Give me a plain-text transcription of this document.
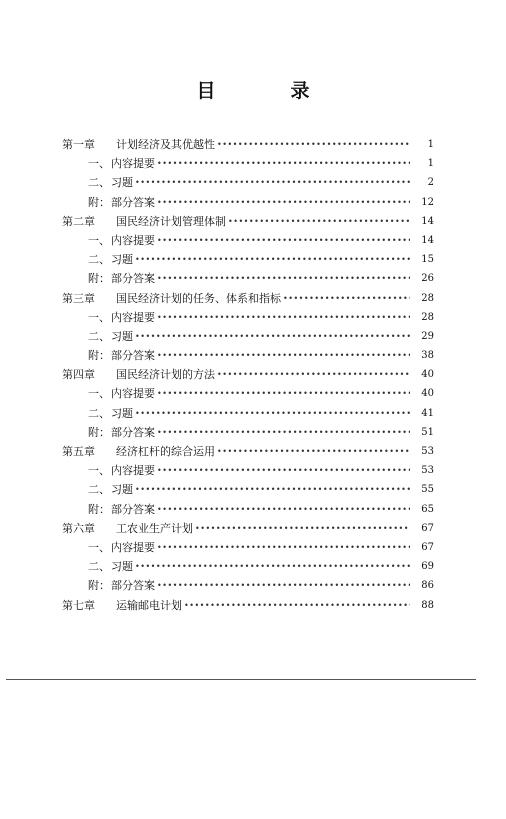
目　录
第一章	计划经济及其优越性 •••••	1
一、 内容提要 •••••	1
二、 习题 •••••	2
附： 部分答案 •••••	12
第二章	国民经济计划管理体制 •••••	14
一、 内容提要 •••••	14
二、 习题 •••••	15
附： 部分答案 •••••	26
第三章	国民经济计划的任务、体系和指标 •••••	28
一、 内容提要 •••••	28
二、 习题 •••••	29
附： 部分答案 •••••	38
第四章	国民经济计划的方法 •••••	40
一、 内容提要 •••••	40
二、 习题 •••••	41
附： 部分答案 •••••	51
第五章	经济杠杆的综合运用 •••••	53
一、 内容提要 •••••	53
二、 习题 •••••	55
附： 部分答案 •••••	65
第六章	工农业生产计划 •••••	67
一、 内容提要 •••••	67
二、 习题 •••••	69
附： 部分答案 •••••	86
第七章	运输邮电计划 •••••	88
